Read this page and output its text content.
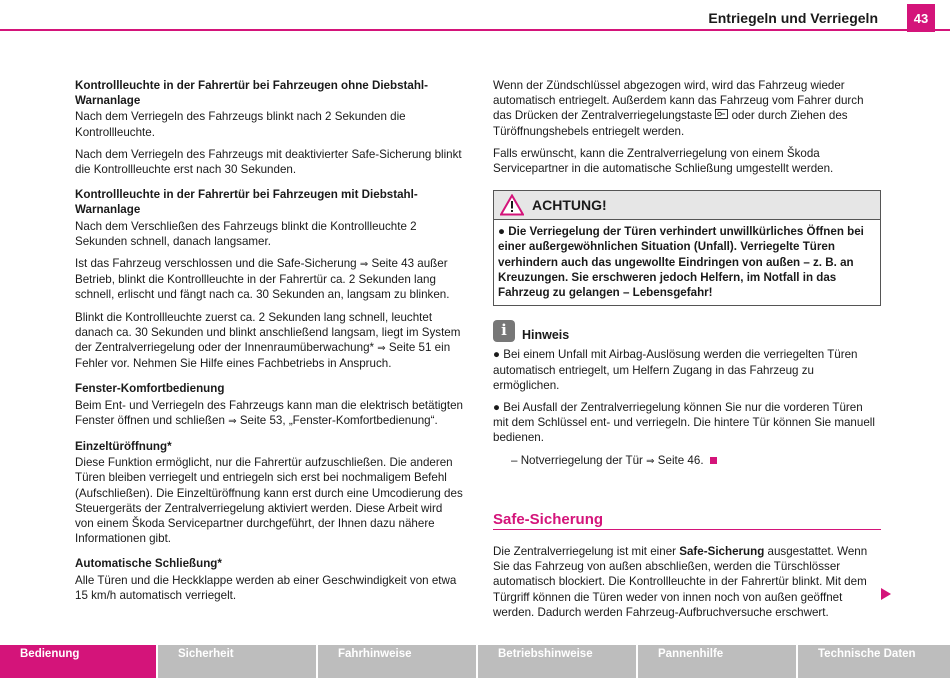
Entriegeln und Verriegeln	43
Kontrollleuchte in der Fahrertür bei Fahrzeugen ohne Diebstahl-Warnanlage

Nach dem Verriegeln des Fahrzeugs blinkt nach 2 Sekunden die Kontrollleuchte.

Nach dem Verriegeln des Fahrzeugs mit deaktivierter Safe-Sicherung blinkt die Kontrollleuchte erst nach 30 Sekunden.

Kontrollleuchte in der Fahrertür bei Fahrzeugen mit Diebstahl-Warnanlage

Nach dem Verschließen des Fahrzeugs blinkt die Kontrollleuchte 2 Sekunden schnell, danach langsamer.

Ist das Fahrzeug verschlossen und die Safe-Sicherung ⇒ Seite 43 außer Betrieb, blinkt die Kontrollleuchte in der Fahrertür ca. 2 Sekunden lang schnell, erlischt und fängt nach ca. 30 Sekunden an, langsam zu blinken.

Blinkt die Kontrollleuchte zuerst ca. 2 Sekunden lang schnell, leuchtet danach ca. 30 Sekunden und blinkt anschließend langsam, liegt im System der Zentralverriegelung oder der Innenraumüberwachung* ⇒ Seite 51 ein Fehler vor. Nehmen Sie Hilfe eines Fachbetriebs in Anspruch.

Fenster-Komfortbedienung

Beim Ent- und Verriegeln des Fahrzeugs kann man die elektrisch betätigten Fenster öffnen und schließen ⇒ Seite 53, „Fenster-Komfortbedienung“.

Einzeltüröffnung*

Diese Funktion ermöglicht, nur die Fahrertür aufzuschließen. Die anderen Türen bleiben verriegelt und entriegeln sich erst bei nochmaligem Befehl (Aufschließen). Die Einzeltüröffnung kann erst durch eine Umcodierung des Steuergeräts der Zentralverriegelung aktiviert werden. Diese Arbeit wird von einem Škoda Servicepartner durchgeführt, der Ihnen dazu nähere Informationen gibt.

Automatische Schließung*

Alle Türen und die Heckklappe werden ab einer Geschwindigkeit von etwa 15 km/h automatisch verriegelt.

Wenn der Zündschlüssel abgezogen wird, wird das Fahrzeug wieder automatisch entriegelt. Außerdem kann das Fahrzeug vom Fahrer durch das Drücken der Zentralverriegelungstaste oder durch Ziehen des Türöffnungshebels entriegelt werden.

Falls erwünscht, kann die Zentralverriegelung von einem Škoda Servicepartner in die automatische Schließung umgestellt werden.

ACHTUNG!
● Die Verriegelung der Türen verhindert unwillkürliches Öffnen bei einer außergewöhnlichen Situation (Unfall). Verriegelte Türen verhindern auch das ungewollte Eindringen von außen – z. B. an Kreuzungen. Sie erschweren jedoch Helfern, im Notfall in das Fahrzeug zu gelangen – Lebensgefahr!
i	Hinweis

● Bei einem Unfall mit Airbag-Auslösung werden die verriegelten Türen automatisch entriegelt, um Helfern Zugang in das Fahrzeug zu ermöglichen.

● Bei Ausfall der Zentralverriegelung können Sie nur die vorderen Türen mit dem Schlüssel ent- und verriegeln. Die hintere Tür können Sie manuell bedienen.

– Notverriegelung der Tür ⇒ Seite 46.

Safe-Sicherung

Die Zentralverriegelung ist mit einer Safe-Sicherung ausgestattet. Wenn Sie das Fahrzeug von außen abschließen, werden die Türschlösser automatisch blockiert. Die Kontrollleuchte in der Fahrertür blinkt. Mit dem Türgriff können die Türen weder von innen noch von außen geöffnet werden. Dadurch werden Fahrzeug-Aufbruchversuche erschwert.

Bedienung	Sicherheit	Fahrhinweise	Betriebshinweise	Pannenhilfe	Technische Daten
